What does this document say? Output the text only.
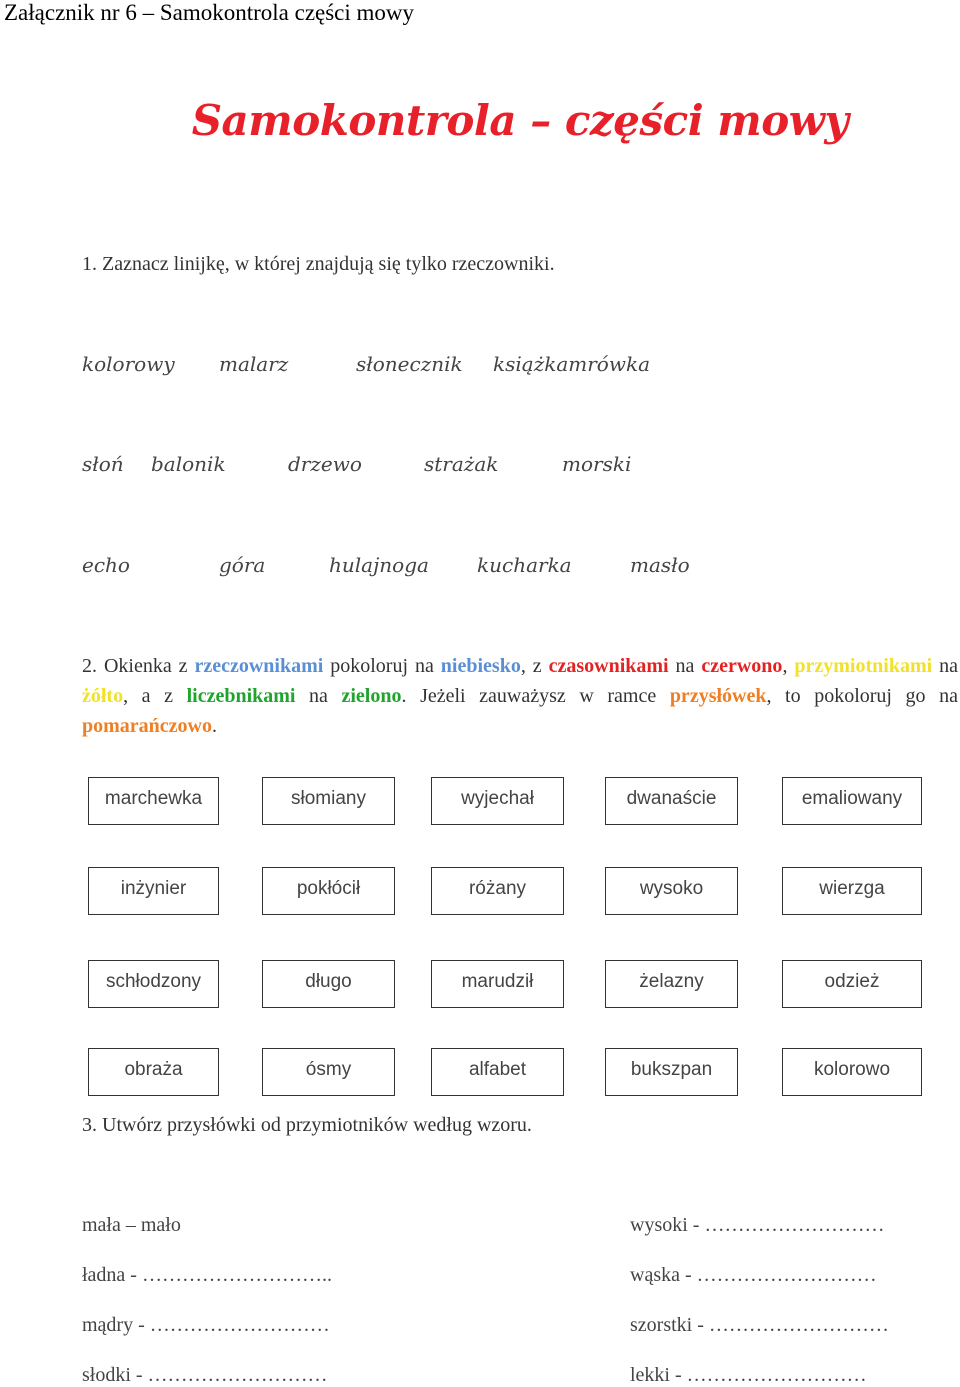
Załącznik nr 6 – Samokontrola części mowy
Samokontrola – części mowy
1. Zaznacz linijkę, w której znajdują się tylko rzeczowniki.
kolorowy malarz	słonecznik książkamrówka
słoń balonik	drzewo	strażak	morski
echo	góra	hulajnoga kucharka	masło
2. Okienka z rzeczownikami pokoloruj na niebiesko, z czasownikami na czerwono, przymiotnikami na żółto, a z liczebnikami na zielono. Jeżeli zauważysz w ramce przysłówek, to pokoloruj go na pomarańczowo.
marchewka	słomiany	wyjechał	dwanaście	emaliowany
inżynier	pokłócił	różany	wysoko	wierzga
schłodzony	długo	marudził	żelazny	odzież
obraża	ósmy	alfabet	bukszpan	kolorowo
3. Utwórz przysłówki od przymiotników według wzoru.
mała – mało
ładna - ………………………..
mądry - ………………………
słodki - ………………………
wysoki - ………………………
wąska - ………………………
szorstki - ………………………
lekki - ………………………
